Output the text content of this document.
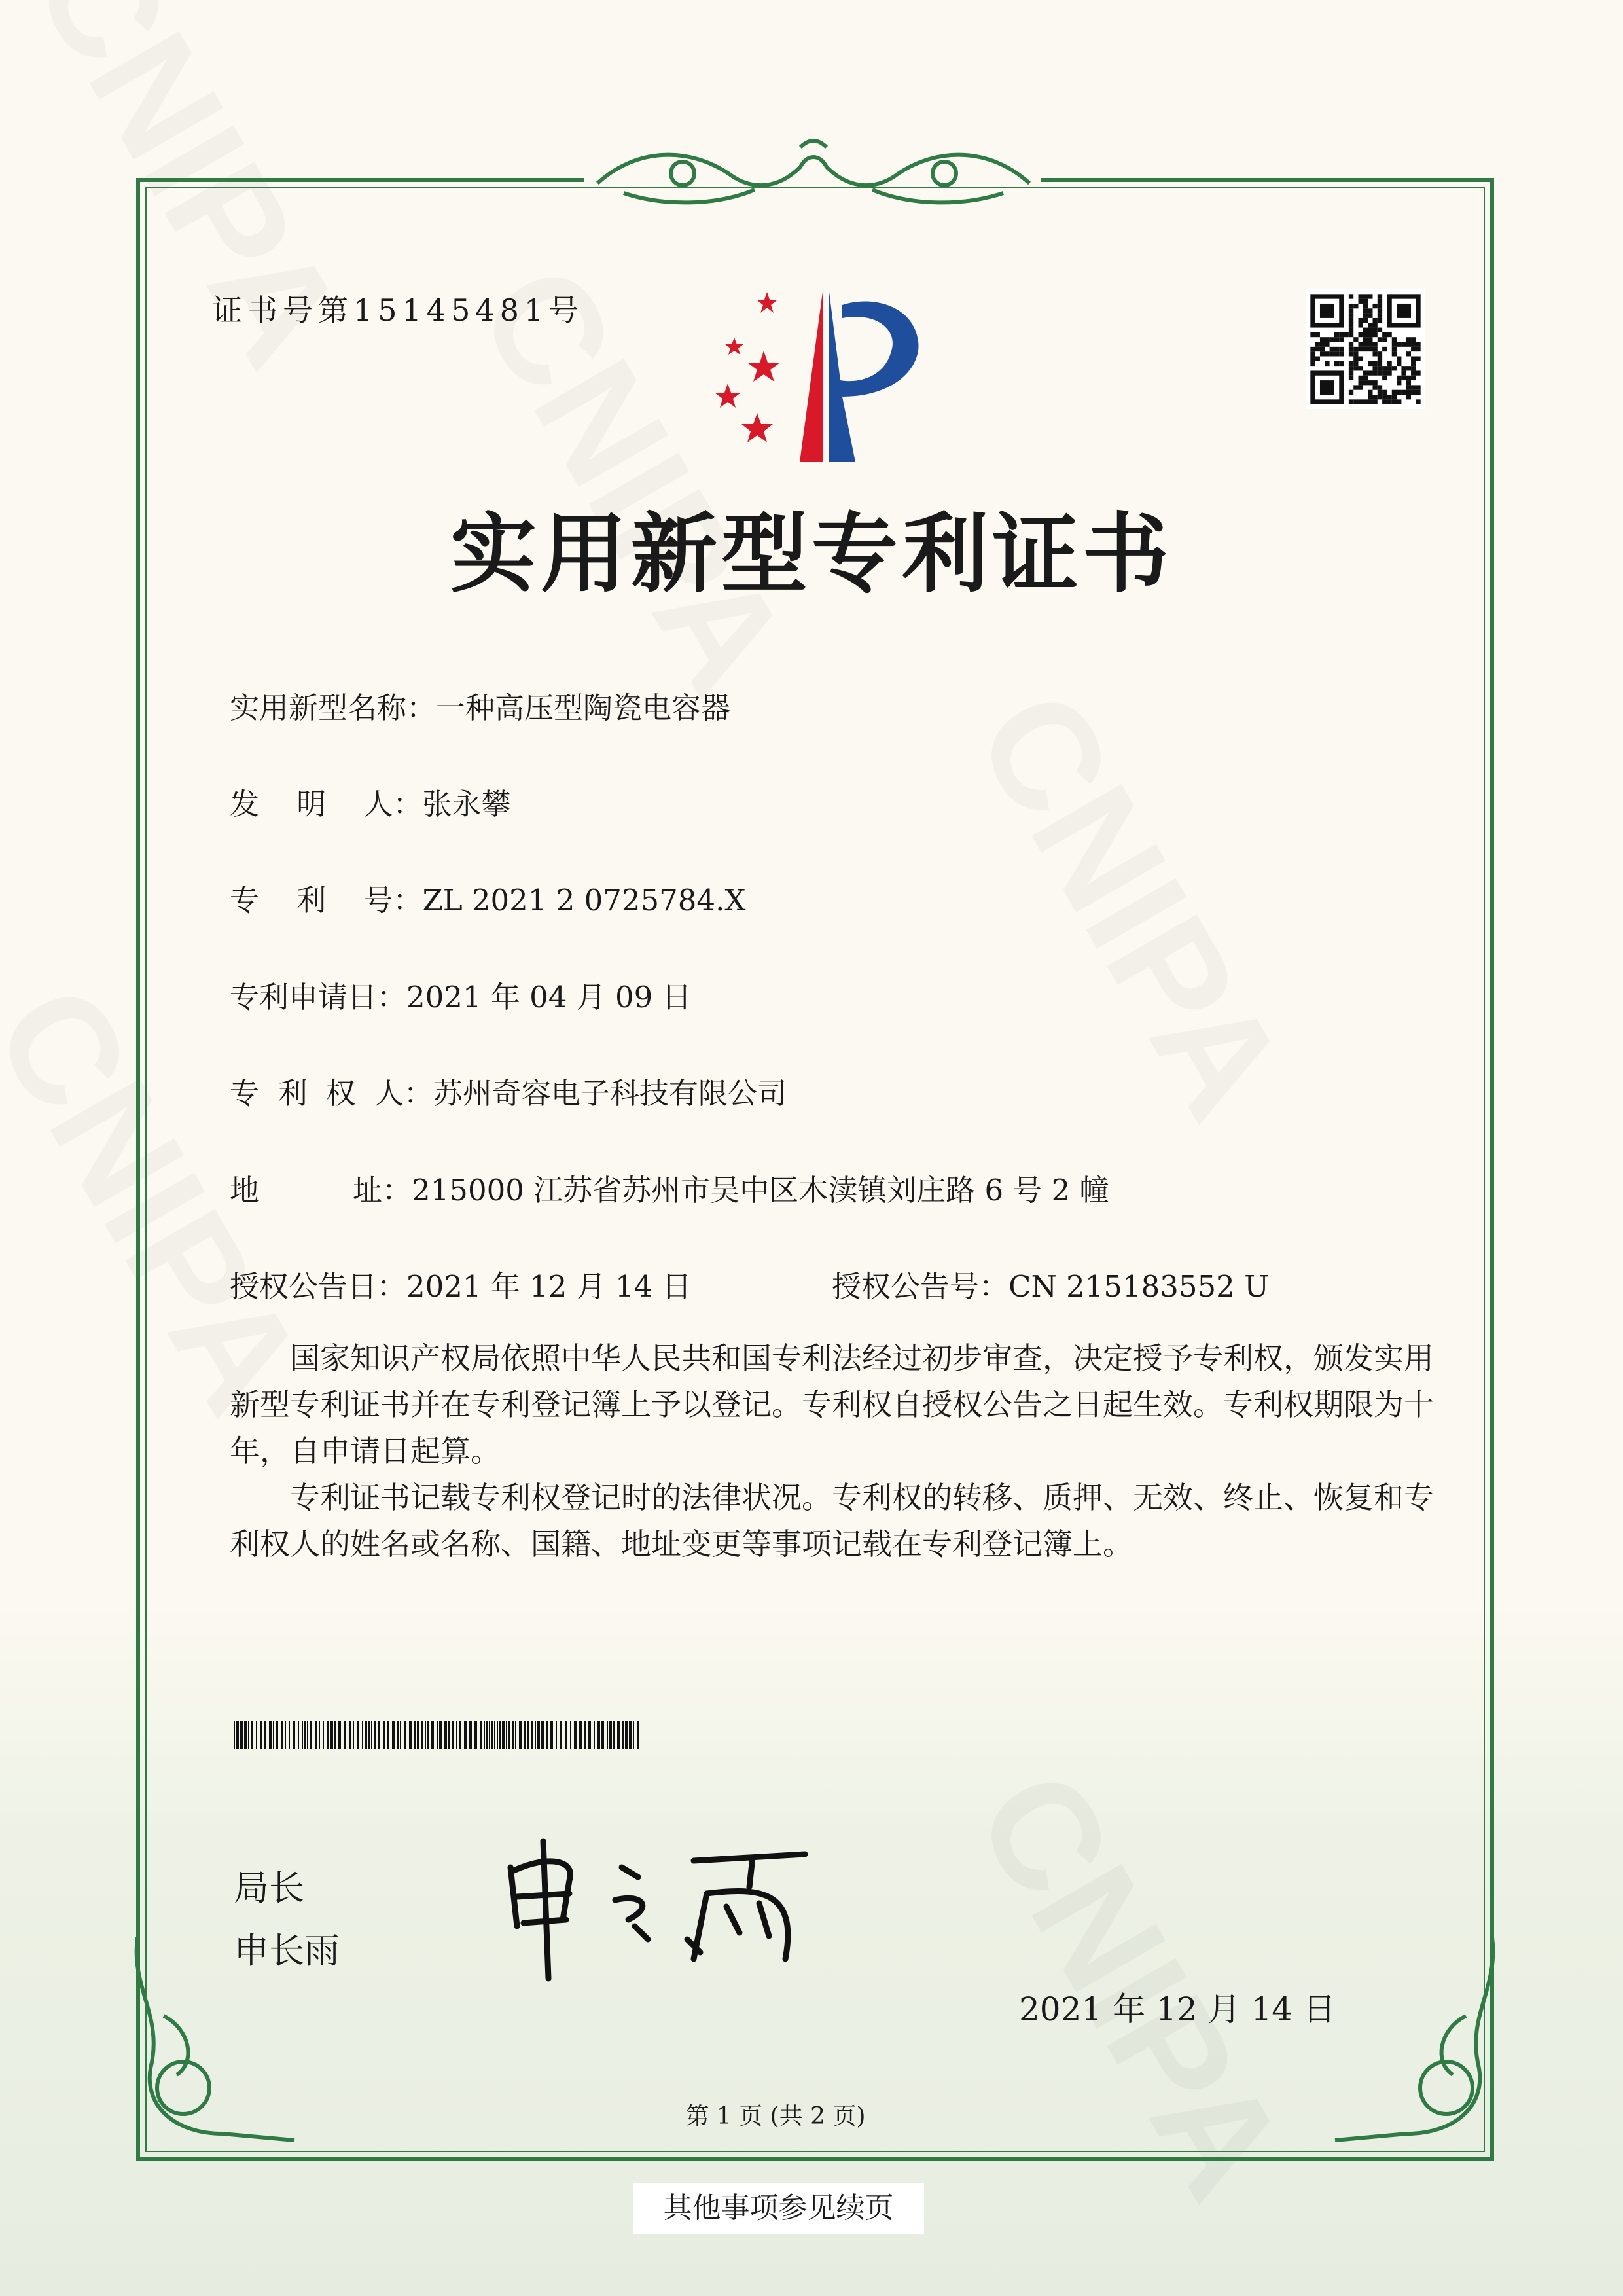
证书号第15145481号
实用新型专利证书
实用新型名称：一种高压型陶瓷电容器
发    明    人：张永攀
专    利    号：ZL 2021 2 0725784.X
专利申请日：2021 年 04 月 09 日
专  利  权  人：苏州奇容电子科技有限公司
地          址：215000 江苏省苏州市吴中区木渎镇刘庄路 6 号 2 幢
授权公告日：2021 年 12 月 14 日	授权公告号：CN 215183552 U

国家知识产权局依照中华人民共和国专利法经过初步审查，决定授予专利权，颁发实用新型专利证书并在专利登记簿上予以登记。专利权自授权公告之日起生效。专利权期限为十年，自申请日起算。

专利证书记载专利权登记时的法律状况。专利权的转移、质押、无效、终止、恢复和专利权人的姓名或名称、国籍、地址变更等事项记载在专利登记簿上。

局长
申长雨
2021 年 12 月 14 日
第 1 页 (共 2 页)
其他事项参见续页
